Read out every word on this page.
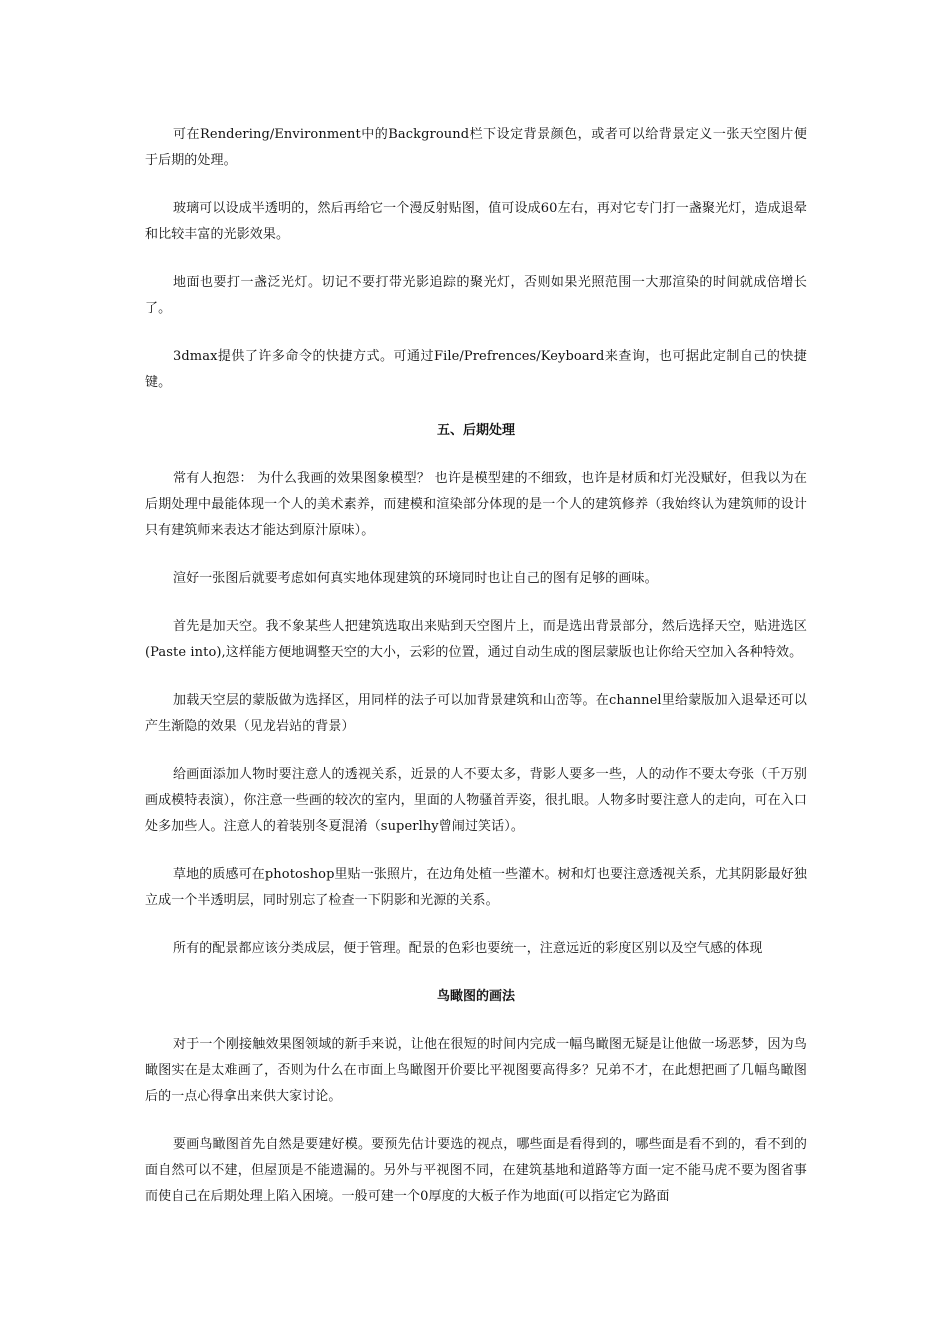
可在Rendering/Environment中的Background栏下设定背景颜色，或者可以给背景定义一张天空图片便于后期的处理。

玻璃可以设成半透明的，然后再给它一个漫反射贴图，值可设成60左右，再对它专门打一盏聚光灯，造成退晕和比较丰富的光影效果。

地面也要打一盏泛光灯。切记不要打带光影追踪的聚光灯，否则如果光照范围一大那渲染的时间就成倍增长了。

3dmax提供了许多命令的快捷方式。可通过File/Prefrences/Keyboard来查询，也可据此定制自己的快捷键。

五、后期处理

常有人抱怨： 为什么我画的效果图象模型？ 也许是模型建的不细致，也许是材质和灯光没赋好，但我以为在后期处理中最能体现一个人的美术素养，而建模和渲染部分体现的是一个人的建筑修养（我始终认为建筑师的设计只有建筑师来表达才能达到原汁原味）。

渲好一张图后就要考虑如何真实地体现建筑的环境同时也让自己的图有足够的画味。

首先是加天空。我不象某些人把建筑选取出来贴到天空图片上，而是选出背景部分，然后选择天空，贴进选区(Paste into),这样能方便地调整天空的大小，云彩的位置，通过自动生成的图层蒙版也让你给天空加入各种特效。

加载天空层的蒙版做为选择区，用同样的法子可以加背景建筑和山峦等。在channel里给蒙版加入退晕还可以产生渐隐的效果（见龙岩站的背景）

给画面添加人物时要注意人的透视关系，近景的人不要太多，背影人要多一些，人的动作不要太夸张（千万别画成模特表演），你注意一些画的较次的室内，里面的人物骚首弄姿，很扎眼。人物多时要注意人的走向，可在入口处多加些人。注意人的着装别冬夏混淆（superlhy曾闹过笑话）。

草地的质感可在photoshop里贴一张照片，在边角处植一些灌木。树和灯也要注意透视关系，尤其阴影最好独立成一个半透明层，同时别忘了检查一下阴影和光源的关系。

所有的配景都应该分类成层，便于管理。配景的色彩也要统一，注意远近的彩度区别以及空气感的体现

鸟瞰图的画法

对于一个刚接触效果图领域的新手来说，让他在很短的时间内完成一幅鸟瞰图无疑是让他做一场恶梦，因为鸟瞰图实在是太难画了，否则为什么在市面上鸟瞰图开价要比平视图要高得多？兄弟不才，在此想把画了几幅鸟瞰图后的一点心得拿出来供大家讨论。

要画鸟瞰图首先自然是要建好模。要预先估计要选的视点，哪些面是看得到的，哪些面是看不到的，看不到的面自然可以不建，但屋顶是不能遗漏的。另外与平视图不同，在建筑基地和道路等方面一定不能马虎不要为图省事而使自己在后期处理上陷入困境。一般可建一个0厚度的大板子作为地面(可以指定它为路面
